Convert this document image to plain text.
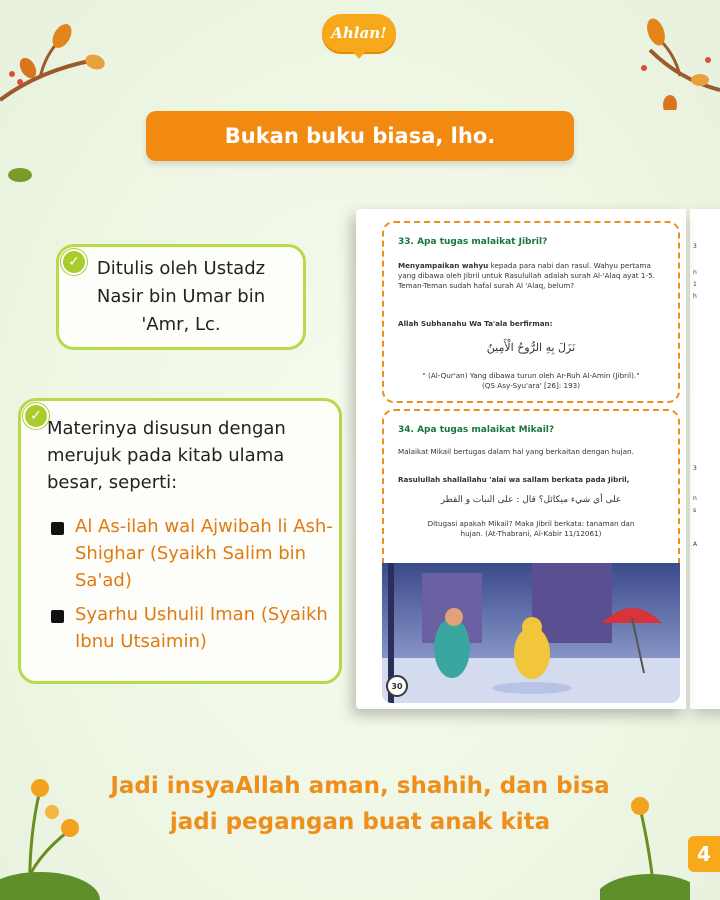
Ahlan!
Bukan buku biasa, lho.
✓ Ditulis oleh Ustadz Nasir bin Umar bin 'Amr, Lc.
✓
Materinya disusun dengan merujuk pada kitab ulama besar, seperti:
Al As-ilah wal Ajwibah li Ash-Shighar (Syaikh Salim bin Sa'ad)
Syarhu Ushulil Iman (Syaikh Ibnu Utsaimin)
3
n
1
h
3
n
s
A
33. Apa tugas malaikat Jibril?
Menyampaikan wahyu kepada para nabi dan rasul. Wahyu pertama yang dibawa oleh Jibril untuk Rasulullah adalah surah Al-'Alaq ayat 1-5. Teman-Teman sudah hafal surah Al 'Alaq, belum?
Allah Subhanahu Wa Ta'ala berfirman:
نَزَلَ بِهِ الرُّوحُ الْأَمِينُ
" (Al-Qur'an) Yang dibawa turun oleh Ar-Ruh Al-Amin (Jibril)."
(QS Asy-Syu'ara' [26]: 193)
34. Apa tugas malaikat Mikail?
Malaikat Mikail bertugas dalam hal yang berkaitan dengan hujan.
Rasulullah shallallahu 'alai wa sallam berkata pada Jibril,
على أي شيء ميكائل؟ قال : على النبات و القطر
Ditugasi apakah Mikail? Maka Jibril berkata: tanaman dan hujan. (At-Thabrani, Al-Kabir 11/12061)
30
Jadi insyaAllah aman, shahih, dan bisa
jadi pegangan buat anak kita
4
